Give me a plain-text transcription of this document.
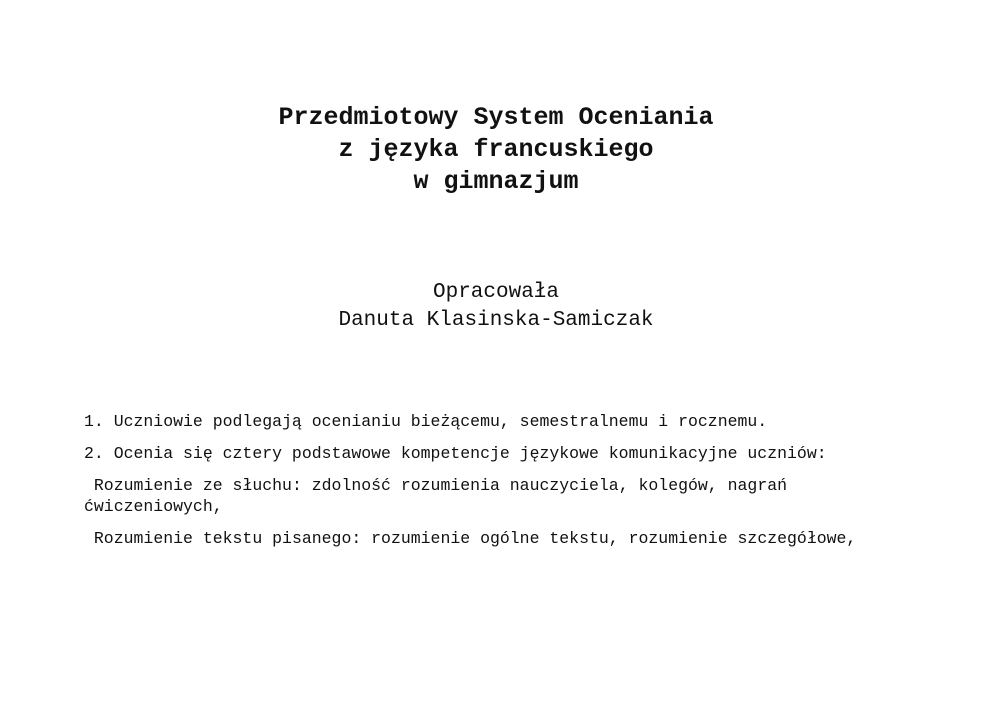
Przedmiotowy System Oceniania
z języka francuskiego
w gimnazjum
Opracowała
Danuta Klasinska-Samiczak

1. Uczniowie podlegają ocenianiu bieżącemu, semestralnemu i rocznemu.

2. Ocenia się cztery podstawowe kompetencje językowe komunikacyjne uczniów:

Rozumienie ze słuchu: zdolność rozumienia nauczyciela, kolegów, nagrań ćwiczeniowych,

Rozumienie tekstu pisanego: rozumienie ogólne tekstu, rozumienie szczegółowe,
